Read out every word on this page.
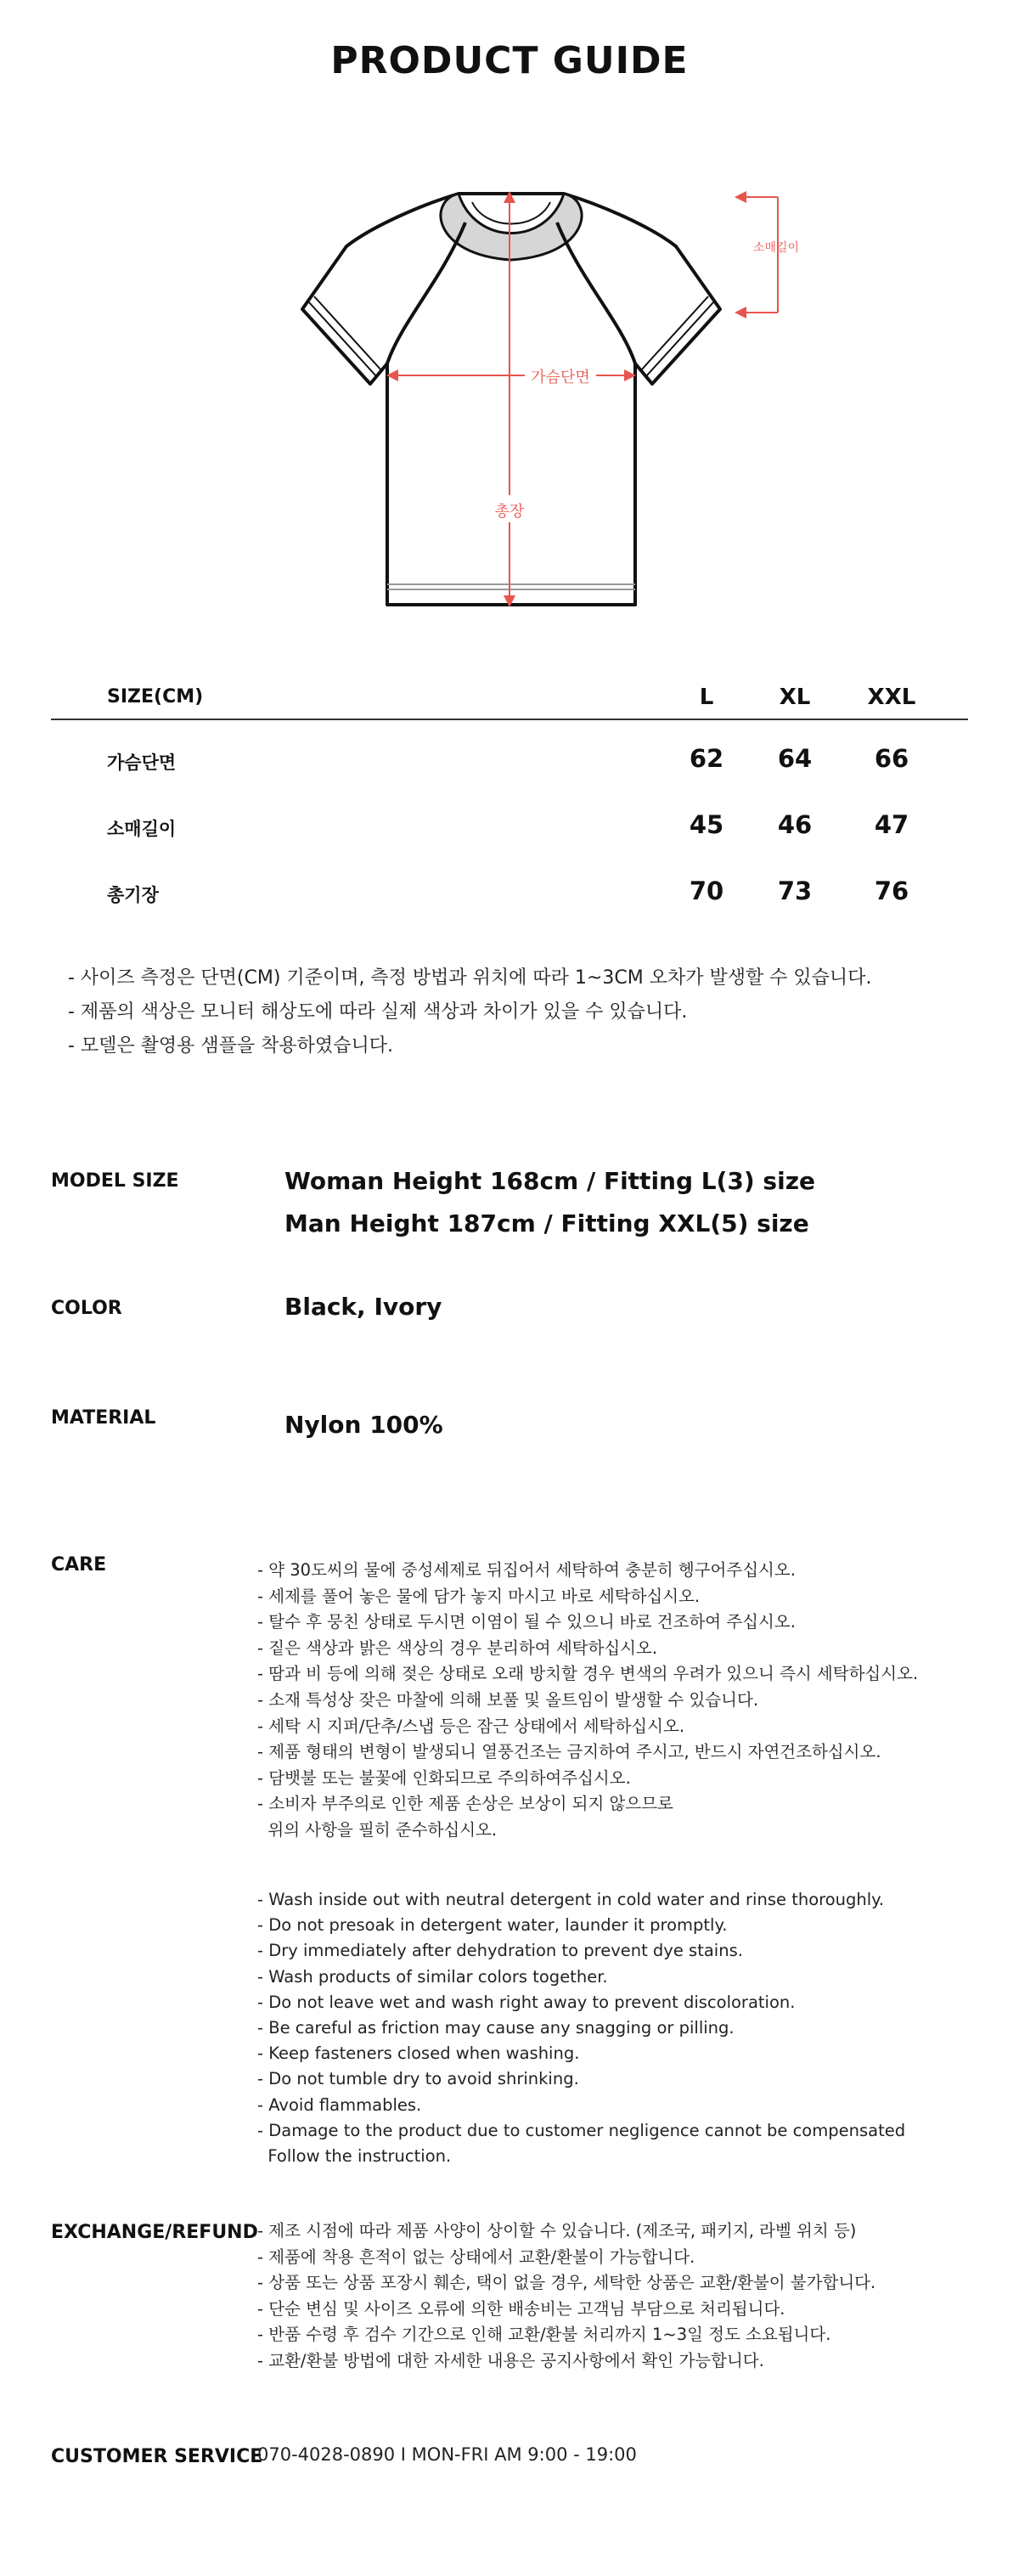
PRODUCT GUIDE
총장
가슴단면
소매길이
SIZE(CM)	L	XL	XXL
가슴단면	62	64	66
소매길이	45	46	47
총기장	70	73	76
- 사이즈 측정은 단면(CM) 기준이며, 측정 방법과 위치에 따라 1~3CM 오차가 발생할 수 있습니다.
- 제품의 색상은 모니터 해상도에 따라 실제 색상과 차이가 있을 수 있습니다.
- 모델은 촬영용 샘플을 착용하였습니다.
MODEL SIZE	Woman Height 168cm / Fitting L(3) size
Man Height 187cm / Fitting XXL(5) size
COLOR	Black, Ivory
MATERIAL	Nylon 100%
CARE	- 약 30도씨의 물에 중성세제로 뒤집어서 세탁하여 충분히 헹구어주십시오.
- 세제를 풀어 놓은 물에 담가 놓지 마시고 바로 세탁하십시오.
- 탈수 후 뭉친 상태로 두시면 이염이 될 수 있으니 바로 건조하여 주십시오.
- 짙은 색상과 밝은 색상의 경우 분리하여 세탁하십시오.
- 땀과 비 등에 의해 젖은 상태로 오래 방치할 경우 변색의 우려가 있으니 즉시 세탁하십시오.
- 소재 특성상 잦은 마찰에 의해 보풀 및 올트임이 발생할 수 있습니다.
- 세탁 시 지퍼/단추/스냅 등은 잠근 상태에서 세탁하십시오.
- 제품 형태의 변형이 발생되니 열풍건조는 금지하여 주시고, 반드시 자연건조하십시오.
- 담뱃불 또는 불꽃에 인화되므로 주의하여주십시오.
- 소비자 부주의로 인한 제품 손상은 보상이 되지 않으므로
위의 사항을 필히 준수하십시오.
- Wash inside out with neutral detergent in cold water and rinse thoroughly.
- Do not presoak in detergent water, launder it promptly.
- Dry immediately after dehydration to prevent dye stains.
- Wash products of similar colors together.
- Do not leave wet and wash right away to prevent discoloration.
- Be careful as friction may cause any snagging or pilling.
- Keep fasteners closed when washing.
- Do not tumble dry to avoid shrinking.
- Avoid flammables.
- Damage to the product due to customer negligence cannot be compensated
Follow the instruction.
EXCHANGE/REFUND - 제조 시점에 따라 제품 사양이 상이할 수 있습니다. (제조국, 패키지, 라벨 위치 등)
- 제품에 착용 흔적이 없는 상태에서 교환/환불이 가능합니다.
- 상품 또는 상품 포장시 훼손, 택이 없을 경우, 세탁한 상품은 교환/환불이 불가합니다.
- 단순 변심 및 사이즈 오류에 의한 배송비는 고객님 부담으로 처리됩니다.
- 반품 수령 후 검수 기간으로 인해 교환/환불 처리까지 1~3일 정도 소요됩니다.
- 교환/환불 방법에 대한 자세한 내용은 공지사항에서 확인 가능합니다.
CUSTOMER SERVICE
070-4028-0890 I MON-FRI AM 9:00 - 19:00
